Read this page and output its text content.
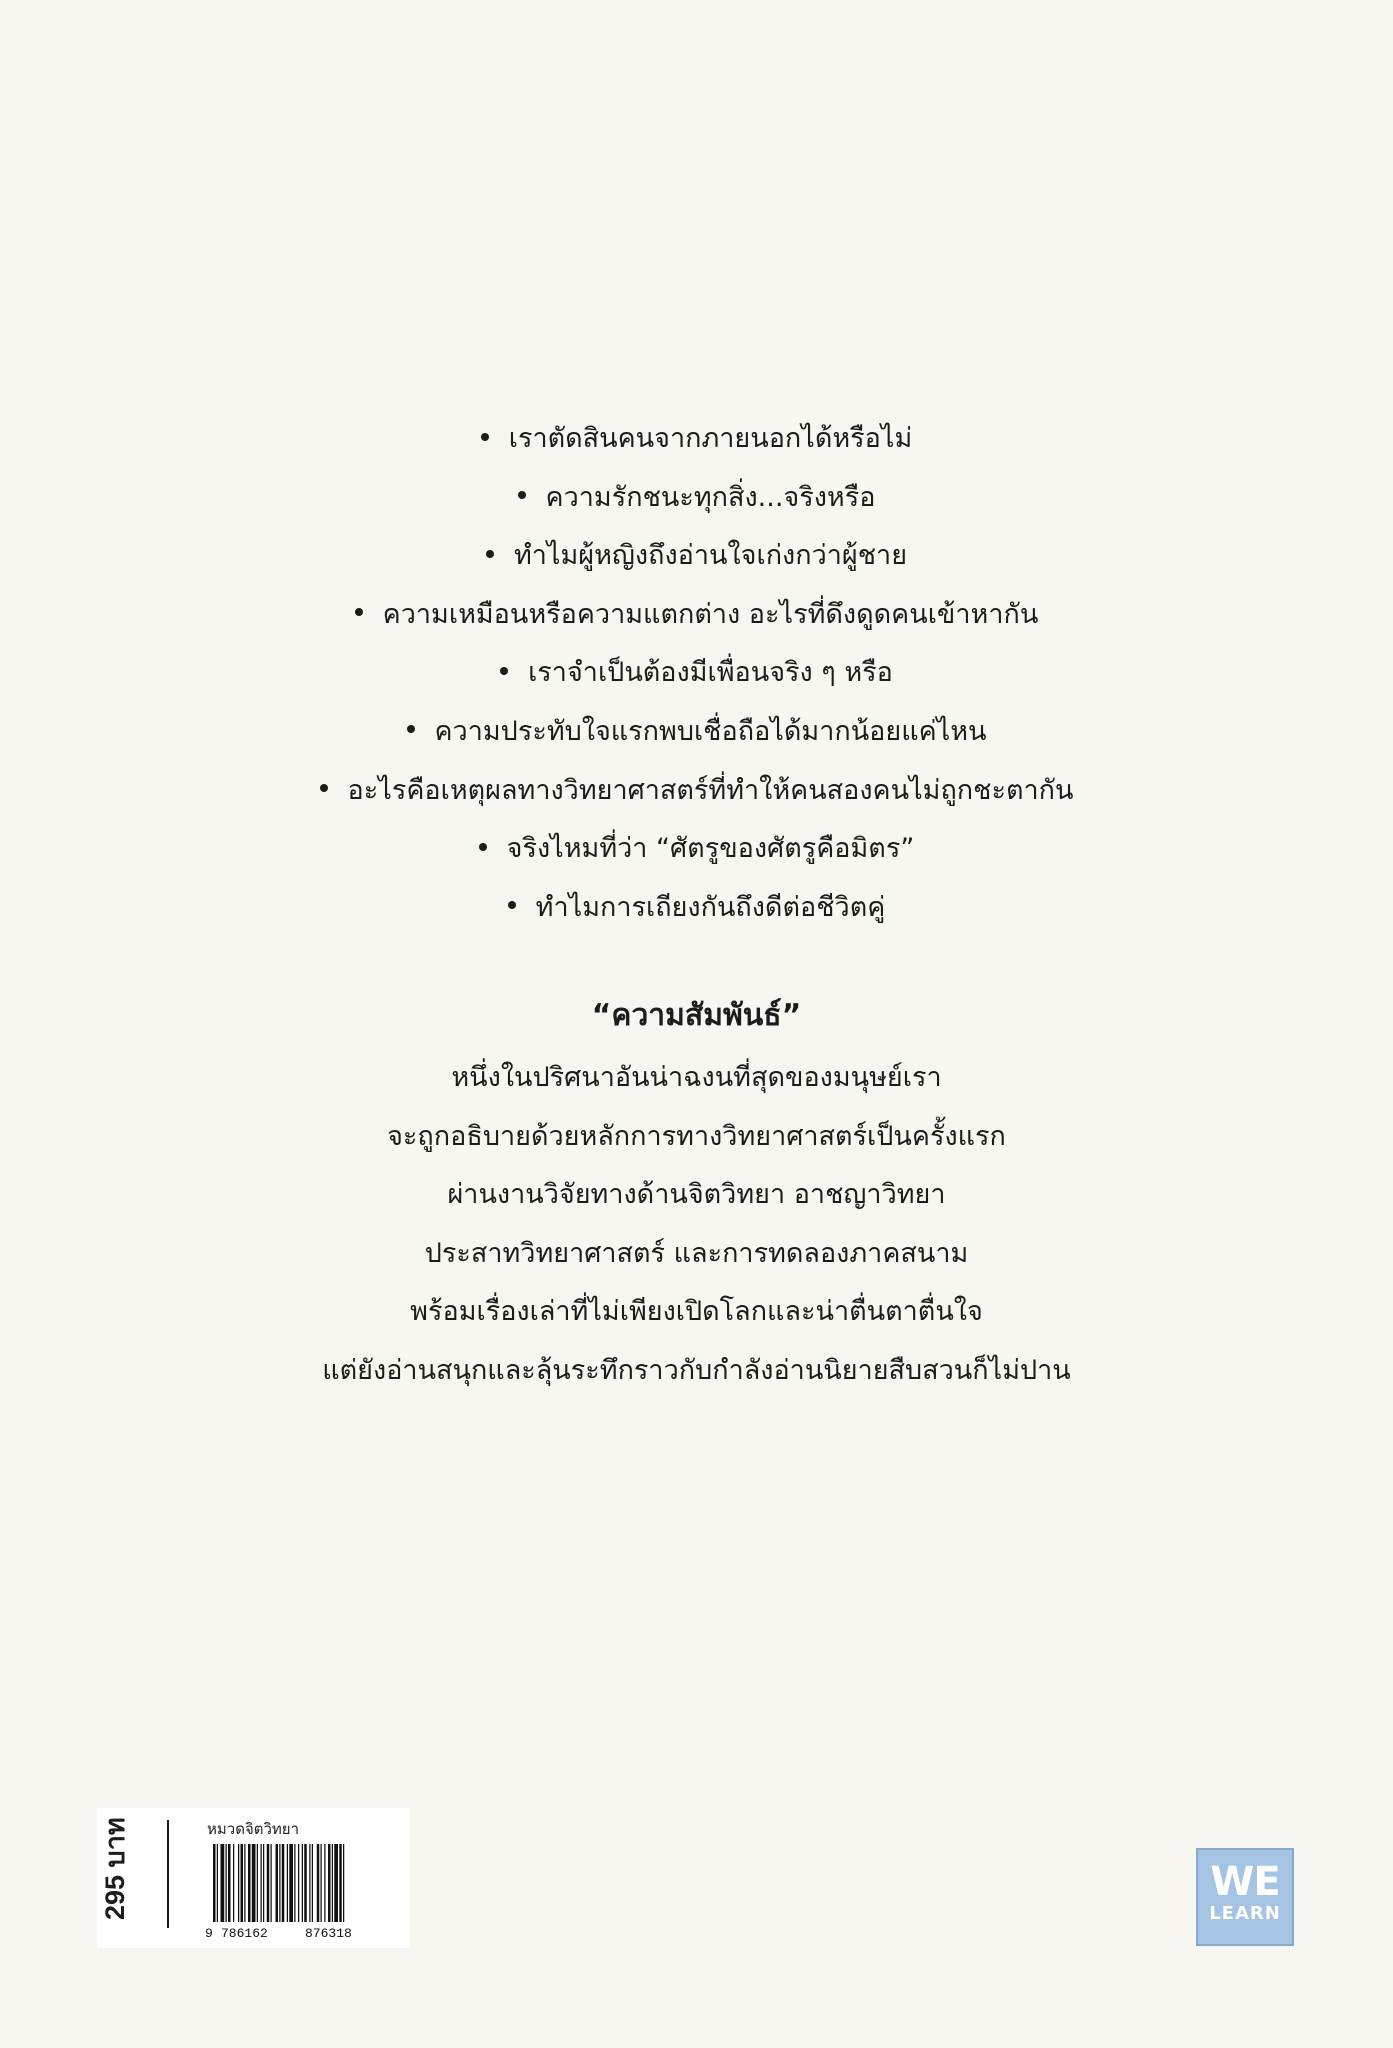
เราตัดสินคนจากภายนอกได้หรือไม่
ความรักชนะทุกสิ่ง...จริงหรือ
ทำไมผู้หญิงถึงอ่านใจเก่งกว่าผู้ชาย
ความเหมือนหรือความแตกต่าง อะไรที่ดึงดูดคนเข้าหากัน
เราจำเป็นต้องมีเพื่อนจริง ๆ หรือ
ความประทับใจแรกพบเชื่อถือได้มากน้อยแค่ไหน
อะไรคือเหตุผลทางวิทยาศาสตร์ที่ทำให้คนสองคนไม่ถูกชะตากัน
จริงไหมที่ว่า “ศัตรูของศัตรูคือมิตร”
ทำไมการเถียงกันถึงดีต่อชีวิตคู่
“ความสัมพันธ์”
หนึ่งในปริศนาอันน่าฉงนที่สุดของมนุษย์เรา
จะถูกอธิบายด้วยหลักการทางวิทยาศาสตร์เป็นครั้งแรก
ผ่านงานวิจัยทางด้านจิตวิทยา อาชญาวิทยา
ประสาทวิทยาศาสตร์ และการทดลองภาคสนาม
พร้อมเรื่องเล่าที่ไม่เพียงเปิดโลกและน่าตื่นตาตื่นใจ
แต่ยังอ่านสนุกและลุ้นระทึกราวกับกำลังอ่านนิยายสืบสวนก็ไม่ปาน
295 บาท	หมวดจิตวิทยา
9 786162	876318
WE
LEARN
